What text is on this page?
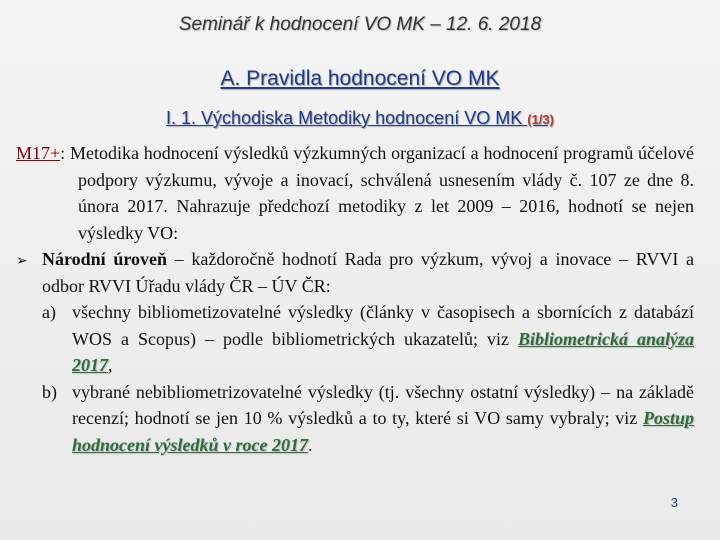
Seminář k hodnocení VO MK – 12. 6. 2018
A. Pravidla hodnocení VO MK
I. 1. Východiska Metodiky hodnocení VO MK (1/3)

M17+: Metodika hodnocení výsledků výzkumných organizací a hodnocení programů účelové podpory výzkumu, vývoje a inovací, schválená usnesením vlády č. 107 ze dne 8. února 2017. Nahrazuje předchozí metodiky z let 2009 – 2016, hodnotí se nejen výsledky VO:

➢ Národní úroveň – každoročně hodnotí Rada pro výzkum, vývoj a inovace – RVVI a odbor RVVI Úřadu vlády ČR – ÚV ČR:
a) všechny bibliometizovatelné výsledky (články v časopisech a sbornících z databází WOS a Scopus) – podle bibliometrických ukazatelů; viz Bibliometrická analýza 2017,
b) vybrané nebibliometrizovatelné výsledky (tj. všechny ostatní výsledky) – na základě recenzí; hodnotí se jen 10 % výsledků a to ty, které si VO samy vybraly; viz Postup hodnocení výsledků v roce 2017.
3
